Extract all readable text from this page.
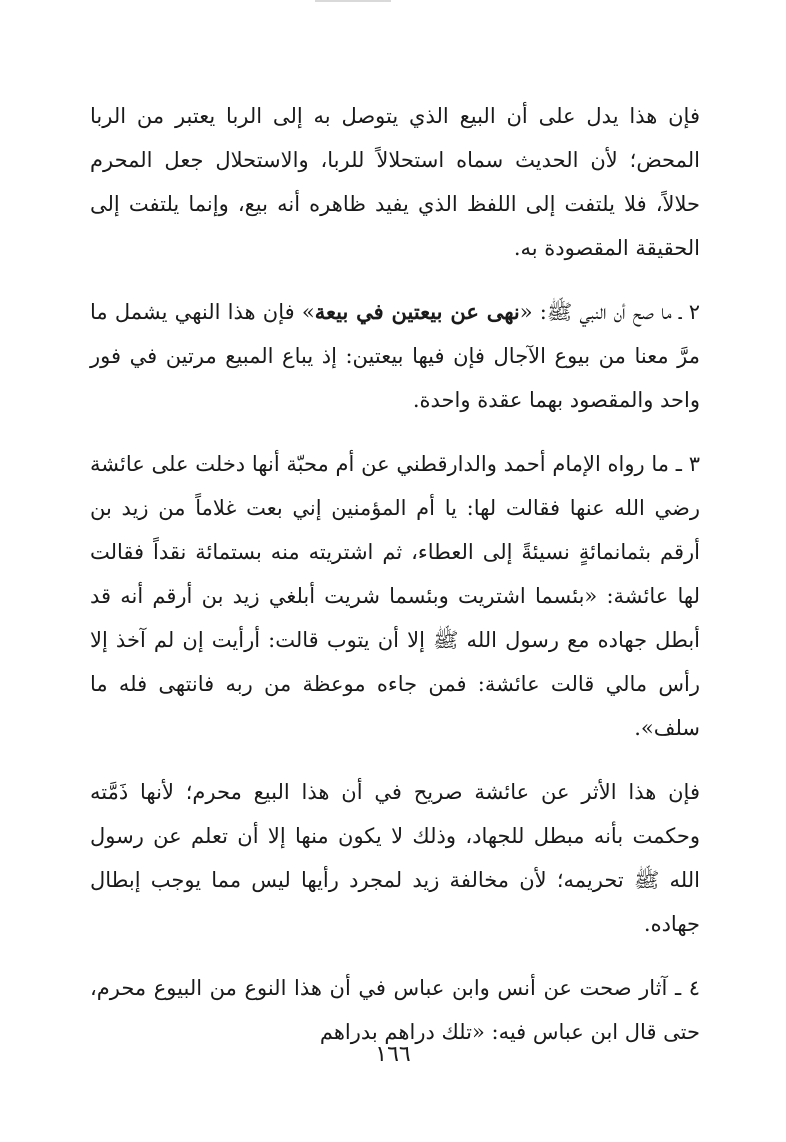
فإن هذا يدل على أن البيع الذي يتوصل به إلى الربا يعتبر من الربا المحض؛ لأن الحديث سماه استحلالاً للربا، والاستحلال جعل المحرم حلالاً، فلا يلتفت إلى اللفظ الذي يفيد ظاهره أنه بيع، وإنما يلتفت إلى الحقيقة المقصودة به.

٢ ـ ما صح أن النبي ﷺ: «نهى عن بيعتين في بيعة» فإن هذا النهي يشمل ما مرَّ معنا من بيوع الآجال فإن فيها بيعتين: إذ يباع المبيع مرتين في فور واحد والمقصود بهما عقدة واحدة.

٣ ـ ما رواه الإمام أحمد والدارقطني عن أم محبّة أنها دخلت على عائشة رضي الله عنها فقالت لها: يا أم المؤمنين إني بعت غلاماً من زيد بن أرقم بثمانمائةٍ نسيئةً إلى العطاء، ثم اشتريته منه بستمائة نقداً فقالت لها عائشة: «بئسما اشتريت وبئسما شريت أبلغي زيد بن أرقم أنه قد أبطل جهاده مع رسول الله ﷺ إلا أن يتوب قالت: أرأيت إن لم آخذ إلا رأس مالي قالت عائشة: فمن جاءه موعظة من ربه فانتهى فله ما سلف».

فإن هذا الأثر عن عائشة صريح في أن هذا البيع محرم؛ لأنها ذَمَّته وحكمت بأنه مبطل للجهاد، وذلك لا يكون منها إلا أن تعلم عن رسول الله ﷺ تحريمه؛ لأن مخالفة زيد لمجرد رأيها ليس مما يوجب إبطال جهاده.

٤ ـ آثار صحت عن أنس وابن عباس في أن هذا النوع من البيوع محرم، حتى قال ابن عباس فيه: «تلك دراهم بدراهم

١٦٦
